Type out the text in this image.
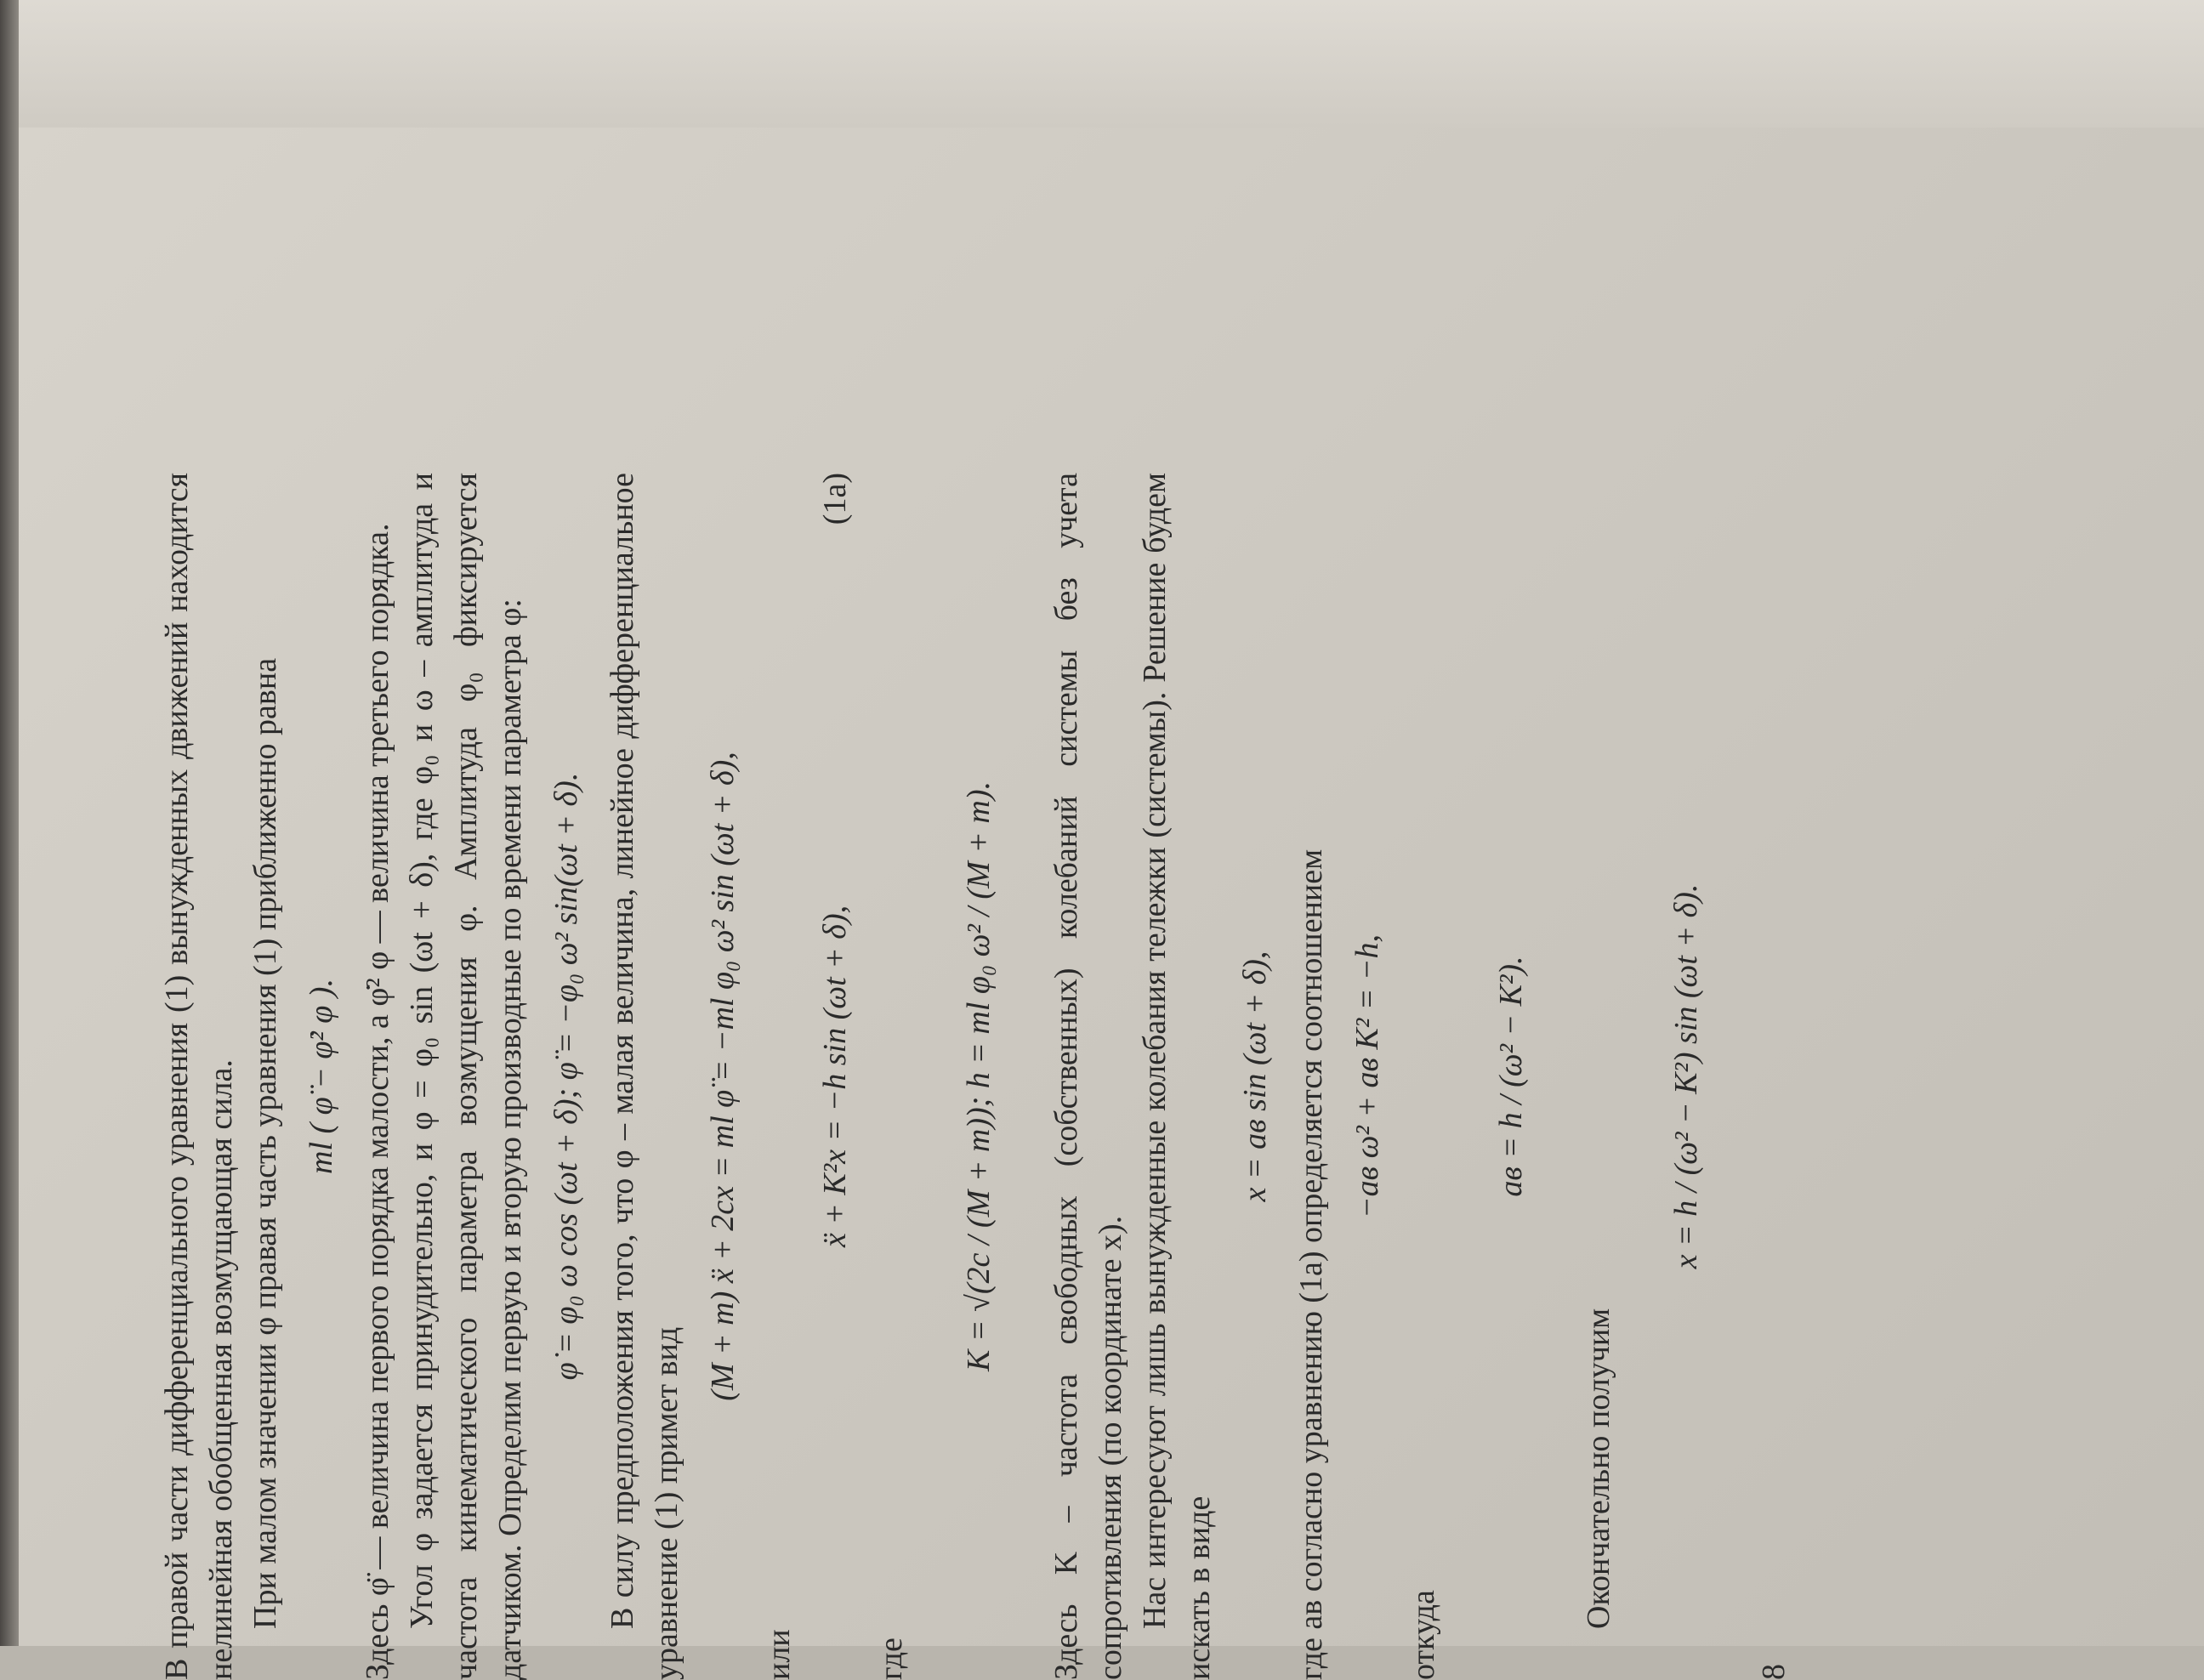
В правой части дифференциального уравнения (1) вынужденных движений находится нелинейная обобщенная возмущающая сила. При малом значении φ правая часть уравнения (1) приближенно равна ml ( φ̈ − φ̇² φ ). Здесь φ̈ — величина первого порядка малости, а φ̇² φ — величина третьего порядка. Угол φ задается принудительно, и φ = φ₀ sin (ωt + δ), где φ₀ и ω – амплитуда и частота кинематического параметра возмущения φ. Амплитуда φ₀ фиксируется датчиком. Определим первую и вторую производные по времени параметра φ: φ̇ = φ₀ ω cos (ωt + δ); φ̈ = −φ₀ ω² sin(ωt + δ). В силу предположения того, что φ – малая величина, линейное дифференциальное уравнение (1) примет вид

(M + m) ẍ + 2cx = ml φ̈ = −ml φ₀ ω² sin (ωt + δ),

или

ẍ + K²x = −h sin (ωt + δ),
(1a)

где

K = √(2c / (M + m)); h = ml φ₀ ω² / (M + m).	Здесь K – частота свободных (собственных) колебаний системы без учета сопротивления (по координате x). Нас интересуют лишь вынужденные колебания тележки (системы). Решение будем искать в виде

x = aв sin (ωt + δ), где aв согласно уравнению (1a) определяется соотношением −aв ω² + aв K² = −h,

откуда

aв = h / (ω² − K²).

Окончательно получим

x = h / (ω² − K²) sin (ωt + δ).
8
